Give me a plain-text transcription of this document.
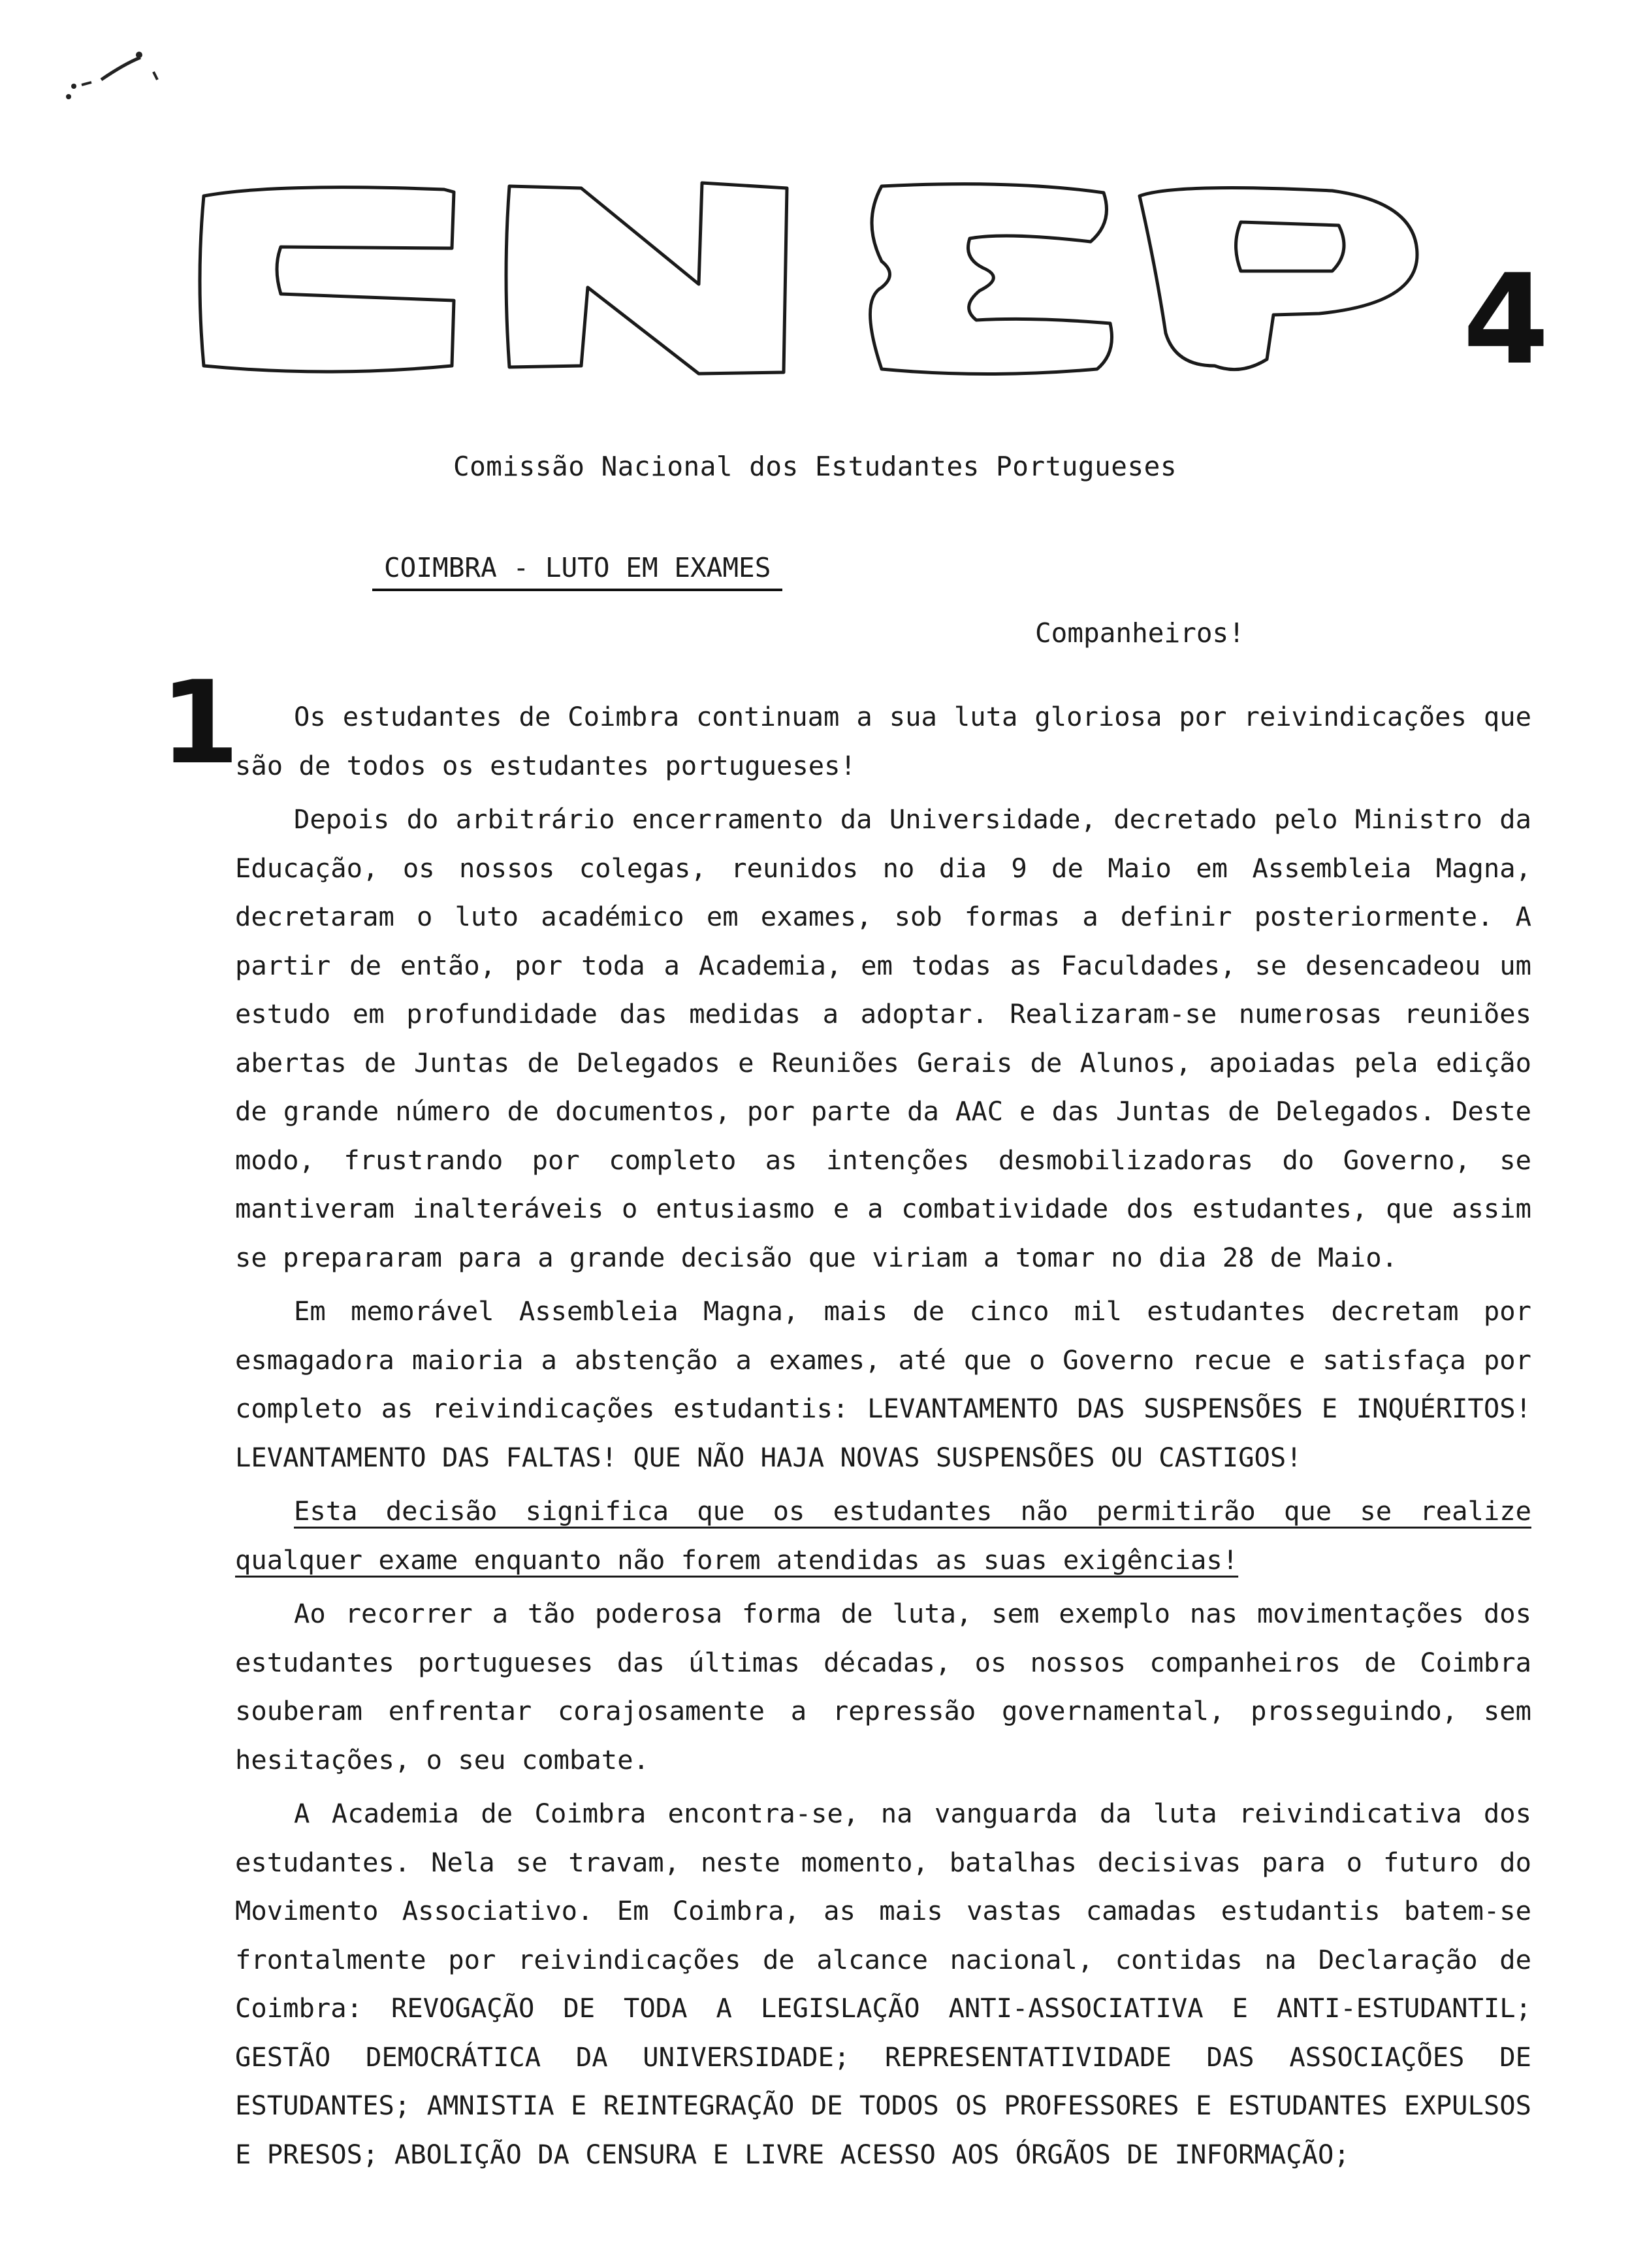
4
Comissão Nacional dos Estudantes Portugueses
COIMBRA - LUTO EM EXAMES
Companheiros!
1	Os estudantes de Coimbra continuam a sua luta gloriosa por reivindicações que são de todos os estudantes portugueses!

Depois do arbitrário encerramento da Universidade, decretado pelo Ministro da Educação, os nossos colegas, reunidos no dia 9 de Maio em Assembleia Magna, decretaram o luto académico em exames, sob formas a definir posteriormente. A partir de então, por toda a Academia, em todas as Faculdades, se desencadeou um estudo em profundidade das medidas a adoptar. Realizaram-se numerosas reuniões abertas de Juntas de Delegados e Reuniões Gerais de Alunos, apoiadas pela edição de grande número de documentos, por parte da AAC e das Juntas de Delegados. Deste modo, frustrando por completo as intenções desmobilizadoras do Governo, se mantiveram inalteráveis o entusiasmo e a combatividade dos estudantes, que assim se prepararam para a grande decisão que viriam a tomar no dia 28 de Maio.

Em memorável Assembleia Magna, mais de cinco mil estudantes decretam por esmagadora maioria a abstenção a exames, até que o Governo recue e satisfaça por completo as reivindicações estudantis: LEVANTAMENTO DAS SUSPENSÕES E INQUÉRITOS! LEVANTAMENTO DAS FALTAS! QUE NÃO HAJA NOVAS SUSPENSÕES OU CASTIGOS!

Esta decisão significa que os estudantes não permitirão que se realize qualquer exame enquanto não forem atendidas as suas exigências!

Ao recorrer a tão poderosa forma de luta, sem exemplo nas movimentações dos estudantes portugueses das últimas décadas, os nossos companheiros de Coimbra souberam enfrentar corajosamente a repressão governamental, prosseguindo, sem hesitações, o seu combate.

A Academia de Coimbra encontra-se, na vanguarda da luta reivindicativa dos estudantes. Nela se travam, neste momento, batalhas decisivas para o futuro do Movimento Associativo. Em Coimbra, as mais vastas camadas estudantis batem-se frontalmente por reivindicações de alcance nacional, contidas na Declaração de Coimbra: REVOGAÇÃO DE TODA A LEGISLAÇÃO ANTI-ASSOCIATIVA E ANTI-ESTUDANTIL; GESTÃO DEMOCRÁTICA DA UNIVERSIDADE; REPRESENTATIVIDADE DAS ASSOCIAÇÕES DE ESTUDANTES; AMNISTIA E REINTEGRAÇÃO DE TODOS OS PROFESSORES E ESTUDANTES EXPULSOS E PRESOS; ABOLIÇÃO DA CENSURA E LIVRE ACESSO AOS ÓRGÃOS DE INFORMAÇÃO;
